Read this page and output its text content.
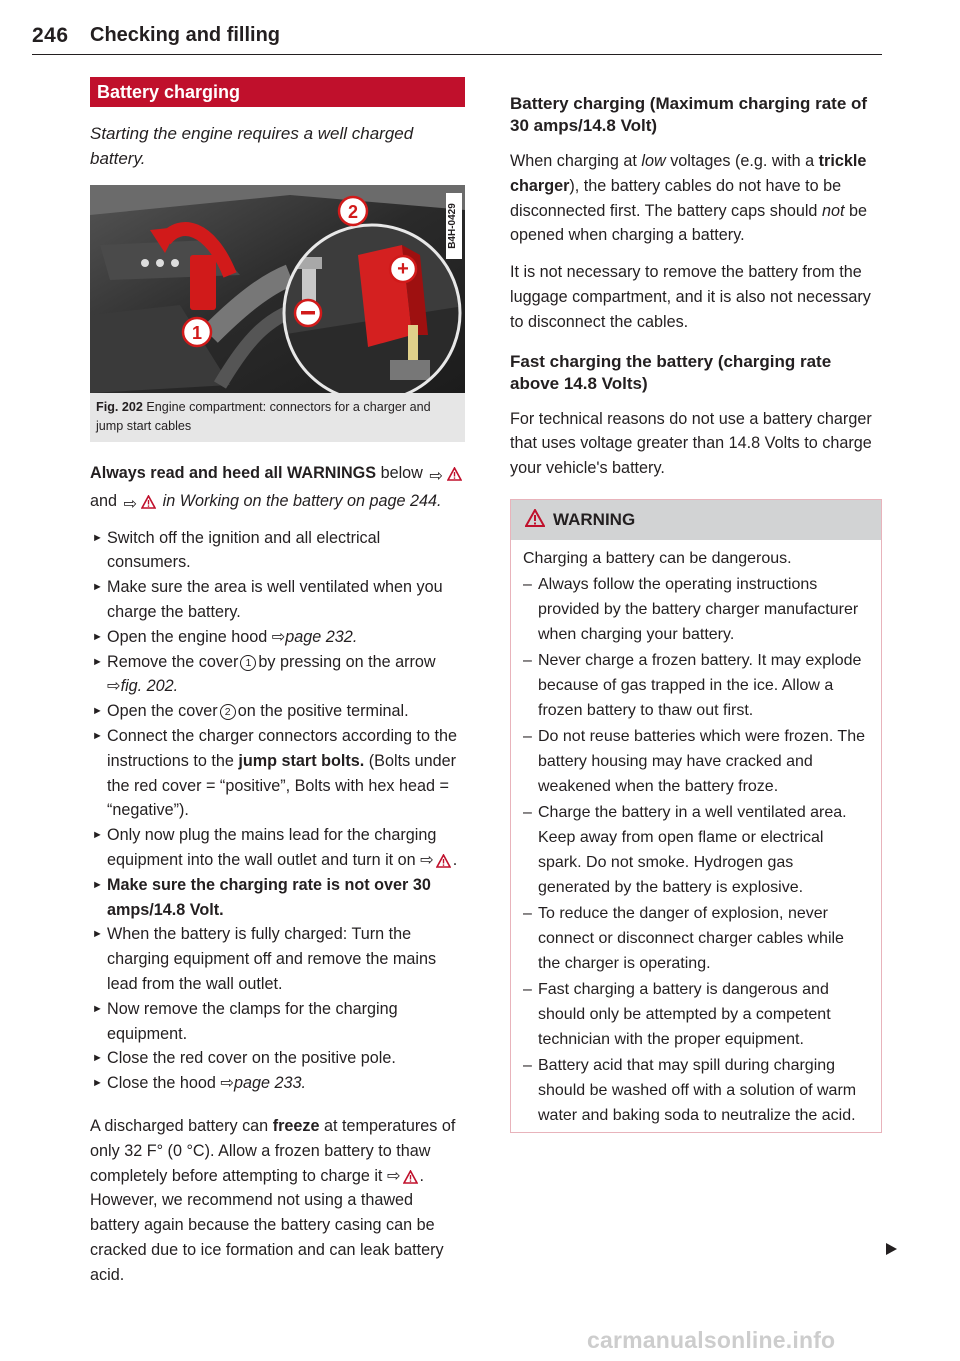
246 Checking and filling
Battery charging

Starting the engine requires a well charged battery.

+
2
1
B4H-0429
Fig. 202 Engine compartment: connectors for a charger and jump start cables

Always read and heed all WARNINGS below ⇨ and ⇨ in Working on the battery on page 244.

► Switch off the ignition and all electrical consumers.
► Make sure the area is well ventilated when you charge the battery.
► Open the engine hood ⇨page 232.
► Remove the cover 1 by pressing on the arrow ⇨fig. 202.
► Open the cover 2 on the positive terminal.
► Connect the charger connectors according to the instructions to the jump start bolts. (Bolts under the red cover = “positive”, Bolts with hex head = “negative”).
► Only now plug the mains lead for the charging equipment into the wall outlet and turn it on ⇨ .
► Make sure the charging rate is not over 30 amps/14.8 Volt.
► When the battery is fully charged: Turn the charging equipment off and remove the mains lead from the wall outlet.
► Now remove the clamps for the charging equipment.
► Close the red cover on the positive pole.
► Close the hood ⇨page 233.

A discharged battery can freeze at temperatures of only 32 F° (0 °C). Allow a frozen battery to thaw completely before attempting to charge it ⇨ . However, we recommend not using a thawed battery again because the battery casing can be cracked due to ice formation and can leak battery acid.

Battery charging (Maximum charging rate of 30 amps/14.8 Volt)

When charging at low voltages (e.g. with a trickle charger), the battery cables do not have to be disconnected first. The battery caps should not be opened when charging a battery.

It is not necessary to remove the battery from the luggage compartment, and it is also not necessary to disconnect the cables.

Fast charging the battery (charging rate above 14.8 Volts)

For technical reasons do not use a battery charger that uses voltage greater than 14.8 Volts to charge your vehicle's battery.

WARNING

Charging a battery can be dangerous.

– Always follow the operating instructions provided by the battery charger manufacturer when charging your battery.
– Never charge a frozen battery. It may explode because of gas trapped in the ice. Allow a frozen battery to thaw out first.
– Do not reuse batteries which were frozen. The battery housing may have cracked and weakened when the battery froze.
– Charge the battery in a well ventilated area. Keep away from open flame or electrical spark. Do not smoke. Hydrogen gas generated by the battery is explosive.
– To reduce the danger of explosion, never connect or disconnect charger cables while the charger is operating.
– Fast charging a battery is dangerous and should only be attempted by a competent technician with the proper equipment.
– Battery acid that may spill during charging should be washed off with a solution of warm water and baking soda to neutralize the acid.
carmanualsonline.info
